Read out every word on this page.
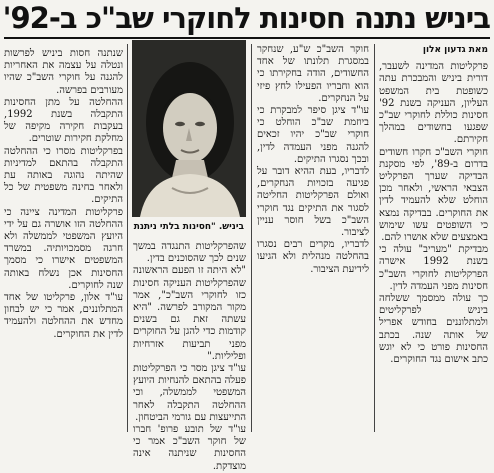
ביניש נתנה חסינות לחוקרי שב"כ ב-92'
מאת גדעון אלון

פרקליטות המדינה לשעבר, דורית ביניש והמבכרת עתה כשופטת בית המשפט העליון, העניקה בשנת 92' חסינות כוללת לחוקרי שב"כ שפגעו בחשודים במהלך חקירתם.

חוקרי השב"כ חקרו חשודים בדרום ב-89', לפי מסקנת הבדיקה שערך הפרקליט הצבאי הראשי, ולאחר מכן הוחלט שלא להעמיד לדין את החוקרים. בבדיקה נמצא כי השופטים עשו שימוש באמצעים שלא אושרו להם.

מבדיקת "מעריב" עולה כי בשנת 1992 אישרה הפרקליטות לחוקרי השב"כ חסינות מפני העמדה לדין.

כך עולה ממסמך ששלחה ביניש לפרקליטים ולמתלוננים בחודש אפריל של אותה שנה. בכתב החסינות פורט כי לא יוגש כתב אישום נגד החוקרים.

חוקר השב"כ ש"ע, שנחקר במסגרת תלונתו של אחד החשודים, הודה בחקירתו כי הוא וחבריו הפעילו לחץ פיזי על הנחקרים.

עו"ד ציגן סיפר למבקרת כי ביוזמת שב"כ הוחלט כי חוקרי שב"כ יהיו זכאים להגנה מפני העמדה לדין, ובכך נסגרו התיקים.

לדבריו, בעת ההיא דובר על פגיעה בזכויות הנחקרים, ואולם הפרקליטות החליטה לסגור את התיקים נגד חוקרי השב"כ בשל חוסר עניין לציבור.

לדבריו, מקרים רבים נסגרו בהחלטה מנהלית ולא הגיעו לידיעת הציבור.

ביניש. "חסינות בלתי ניתנת

שהפרקליטות התנגדה במשך שנים לכך שהסוכנים בדין.

"לא היתה זו הפעם הראשונה שהפרקליטות העניקה חסינות כזו לחוקרי השב"כ", אמר מקור המקורב לפרשה. "היא עשתה זאת גם בשנים קודמות כדי להגן על החוקרים מפני תביעות אזרחיות ופליליות."

עו"ד ציגן מסר כי הפרקליטות פעלה בהתאם להנחיות היועץ המשפטי לממשלה, וכי ההחלטה התקבלה לאחר התייעצות עם גורמי הביטחון.

עו"ד של תובע פרופ' חברו של חוקר השב"כ אמר כי החסינות שניתנה אינה מוצדקת.

שנתנה חסות ביניש לפרשות ונטלה על עצמה את האחריות להגנה על חוקרי השב"כ שהיו מעורבים בפרשה.

ההחלטה על מתן החסינות התקבלה בשנת 1992, בעקבות חקירה מקיפה של מחלקת חקירות שוטרים.

בפרקליטות מסרו כי ההחלטה התקבלה בהתאם למדיניות שהיתה נהוגה באותה עת ולאחר בחינה משפטית של כל התיקים.

פרקליטות המדינה ציינה כי ההחלטה הזו אושרה גם על ידי היועץ המשפטי לממשלה ולא חרגה מסמכויותיה. במשרד המשפטים אישרו כי מסמך החסינות אכן נשלח באותה שנה לחוקרים.

עו"ד אלון, פרקליטו של אחד המתלוננים, אמר כי יש לבחון מחדש את ההחלטה ולהעמיד לדין את החוקרים.
